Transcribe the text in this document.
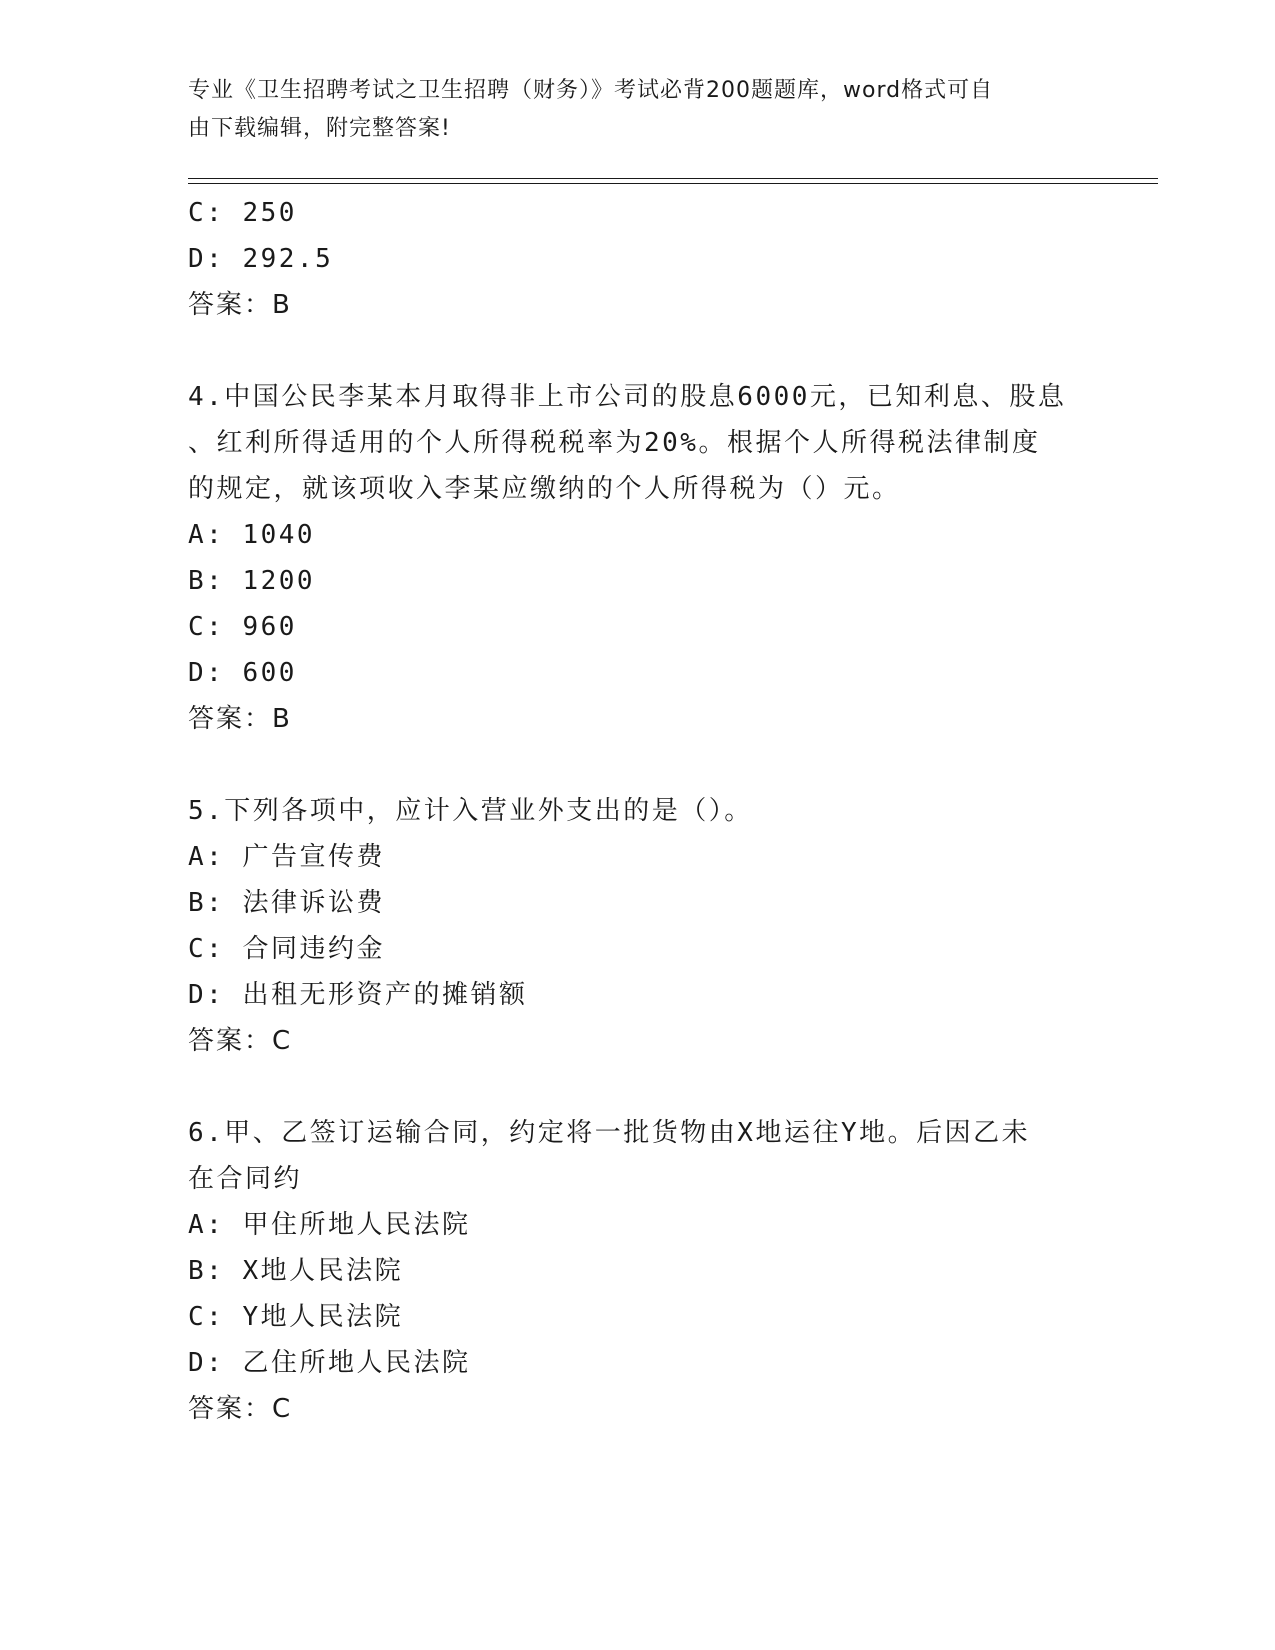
专业《卫生招聘考试之卫生招聘（财务）》考试必背200题题库，word格式可自
由下载编辑，附完整答案!
C: 250
D: 292.5
答案：B
4.中国公民李某本月取得非上市公司的股息6000元，已知利息、股息
、红利所得适用的个人所得税税率为20%。根据个人所得税法律制度
的规定，就该项收入李某应缴纳的个人所得税为（）元。
A: 1040
B: 1200
C: 960
D: 600
答案：B
5.下列各项中，应计入营业外支出的是（）。
A: 广告宣传费
B: 法律诉讼费
C: 合同违约金
D: 出租无形资产的摊销额
答案：C
6.甲、乙签订运输合同，约定将一批货物由X地运往Y地。后因乙未
在合同约
A: 甲住所地人民法院
B: X地人民法院
C: Y地人民法院
D: 乙住所地人民法院
答案：C
